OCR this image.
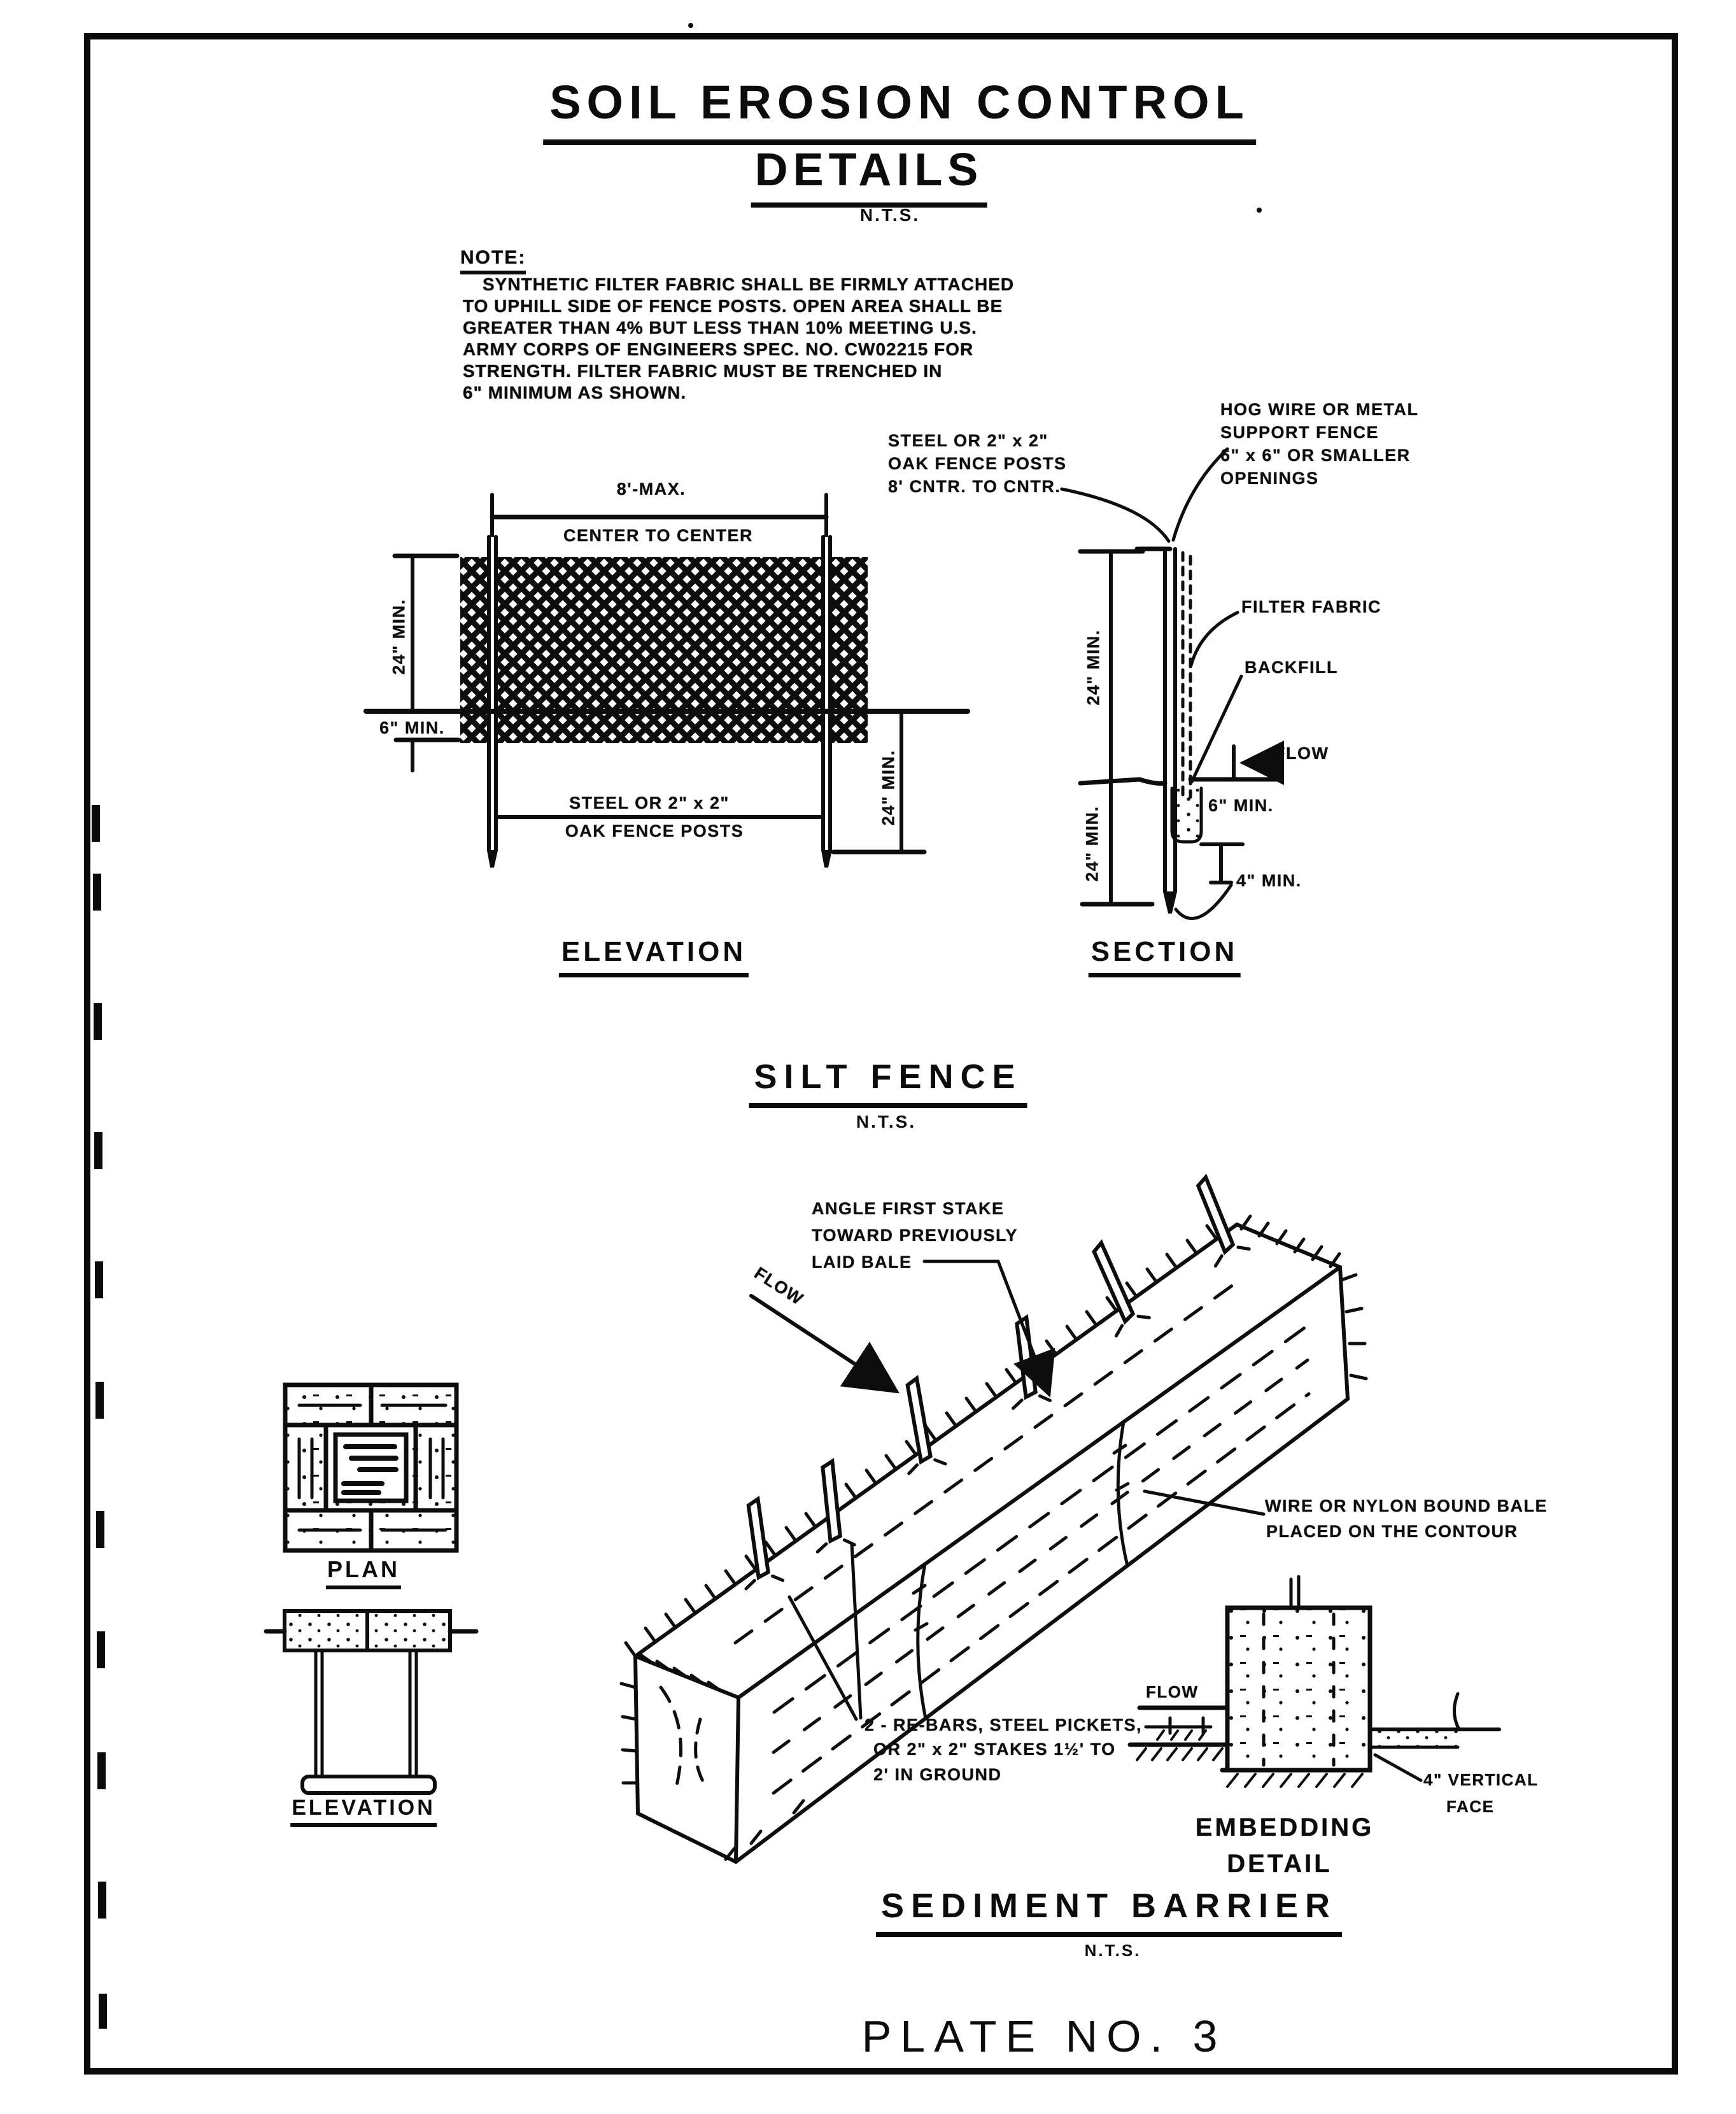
SOIL EROSION CONTROL
DETAILS
N.T.S.
NOTE:
SYNTHETIC FILTER FABRIC SHALL BE FIRMLY ATTACHED
TO UPHILL SIDE OF FENCE POSTS. OPEN AREA SHALL BE
GREATER THAN 4% BUT LESS THAN 10% MEETING U.S.
ARMY CORPS OF ENGINEERS SPEC. NO. CW02215 FOR
STRENGTH. FILTER FABRIC MUST BE TRENCHED IN
6" MINIMUM AS SHOWN.
8'-MAX.
CENTER TO CENTER
24" MIN.
6" MIN.
STEEL OR 2" x 2"
OAK FENCE POSTS
24" MIN.
ELEVATION
STEEL OR 2" x 2"
OAK FENCE POSTS
8' CNTR. TO CNTR.
HOG WIRE OR METAL
SUPPORT FENCE
6" x 6" OR SMALLER
OPENINGS
FILTER FABRIC
BACKFILL
FLOW
24" MIN.
6" MIN.
24" MIN.	4" MIN.
SECTION
SILT FENCE
N.T.S.
ANGLE FIRST STAKE
TOWARD PREVIOUSLY
LAID BALE
FLOW
WIRE OR NYLON BOUND BALE
PLACED ON THE CONTOUR
2 - RE-BARS, STEEL PICKETS,
OR 2" x 2" STAKES 1½' TO
2' IN GROUND
PLAN
ELEVATION
FLOW
4" VERTICAL
FACE
EMBEDDING
DETAIL
SEDIMENT BARRIER
N.T.S.
PLATE NO. 3
